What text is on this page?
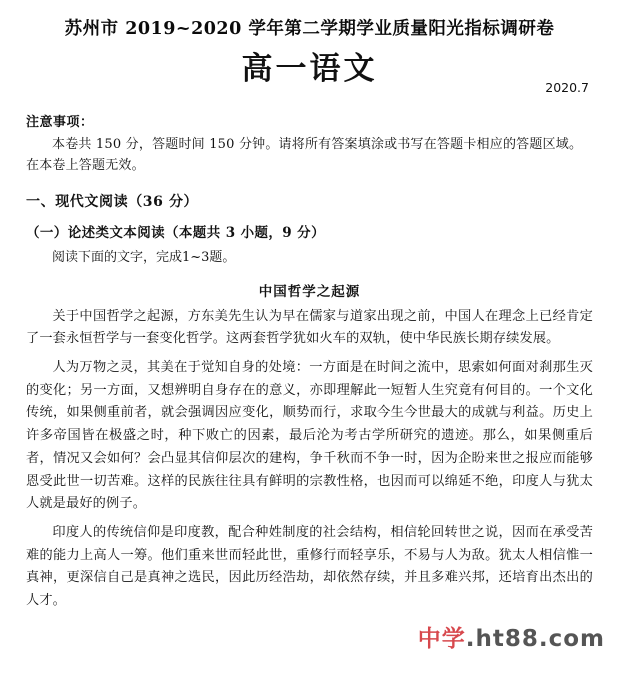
苏州市 2019~2020 学年第二学期学业质量阳光指标调研卷
高一语文
2020.7
注意事项：
本卷共 150 分，答题时间 150 分钟。请将所有答案填涂或书写在答题卡相应的答题区域。在本卷上答题无效。
一、现代文阅读（36 分）
（一）论述类文本阅读（本题共 3 小题，9 分）
阅读下面的文字，完成1~3题。
中国哲学之起源
关于中国哲学之起源，方东美先生认为早在儒家与道家出现之前，中国人在理念上已经肯定了一套永恒哲学与一套变化哲学。这两套哲学犹如火车的双轨，使中华民族长期存续发展。
人为万物之灵，其美在于觉知自身的处境：一方面是在时间之流中，思索如何面对刹那生灭的变化；另一方面，又想辨明自身存在的意义，亦即理解此一短暂人生究竟有何目的。一个文化传统，如果侧重前者，就会强调因应变化，顺势而行，求取今生今世最大的成就与利益。历史上许多帝国皆在极盛之时，种下败亡的因素，最后沦为考古学所研究的遗迹。那么，如果侧重后者，情况又会如何？会凸显其信仰层次的建构，争千秋而不争一时，因为企盼来世之报应而能够恩受此世一切苦难。这样的民族往往具有鲜明的宗教性格，也因而可以绵延不绝，印度人与犹太人就是最好的例子。
印度人的传统信仰是印度教，配合种姓制度的社会结构，相信轮回转世之说，因而在承受苦难的能力上高人一筹。他们重来世而轻此世，重修行而轻享乐，不易与人为敌。犹太人相信惟一真神，更深信自己是真神之选民，因此历经浩劫，却依然存续，并且多难兴邦，还培育出杰出的人才。
中学.ht88.com
